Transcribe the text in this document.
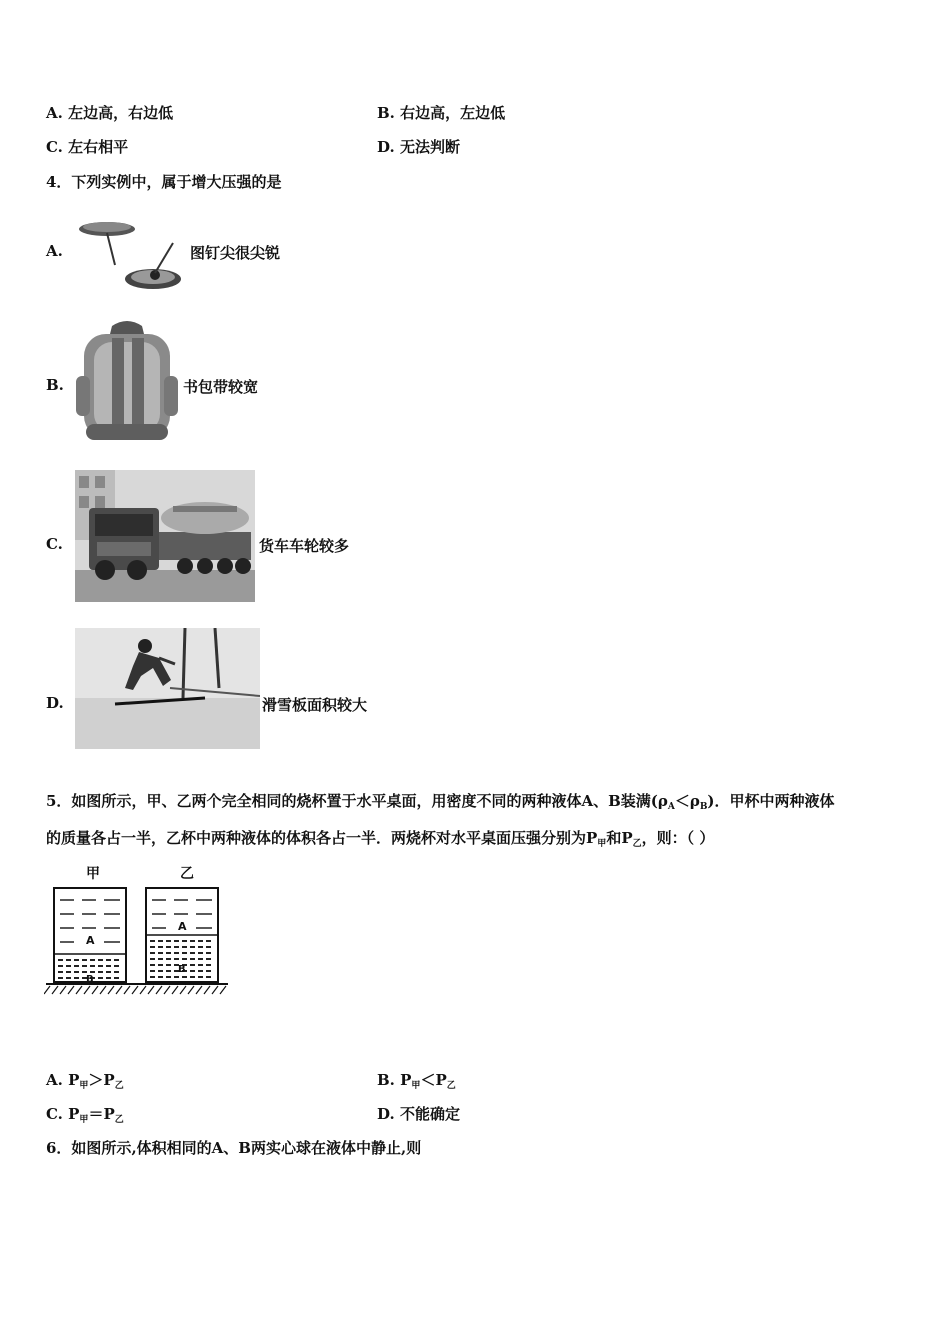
A. 左边高，右边低	B. 右边高，左边低
C. 左右相平	D. 无法判断
4．下列实例中，属于增大压强的是
A.	图钉尖很尖锐
B.	书包带较宽
C.	货车车轮较多
D.	滑雪板面积较大
5．如图所示，甲、乙两个完全相同的烧杯置于水平桌面，用密度不同的两种液体A、B装满$(\rho_A<\rho_B)$．甲杯中两种液体
的质量各占一半，乙杯中两种液体的体积各占一半．两烧杯对水平桌面压强分别为$P_甲$和$P_乙$，则：（ ）
甲	乙
A
B
A
B
A. $P_甲>P_乙$	B. $P_甲<P_乙$
C. $P_甲=P_乙$	D. 不能确定
6．如图所示,体积相同的A、B两实心球在液体中静止,则
